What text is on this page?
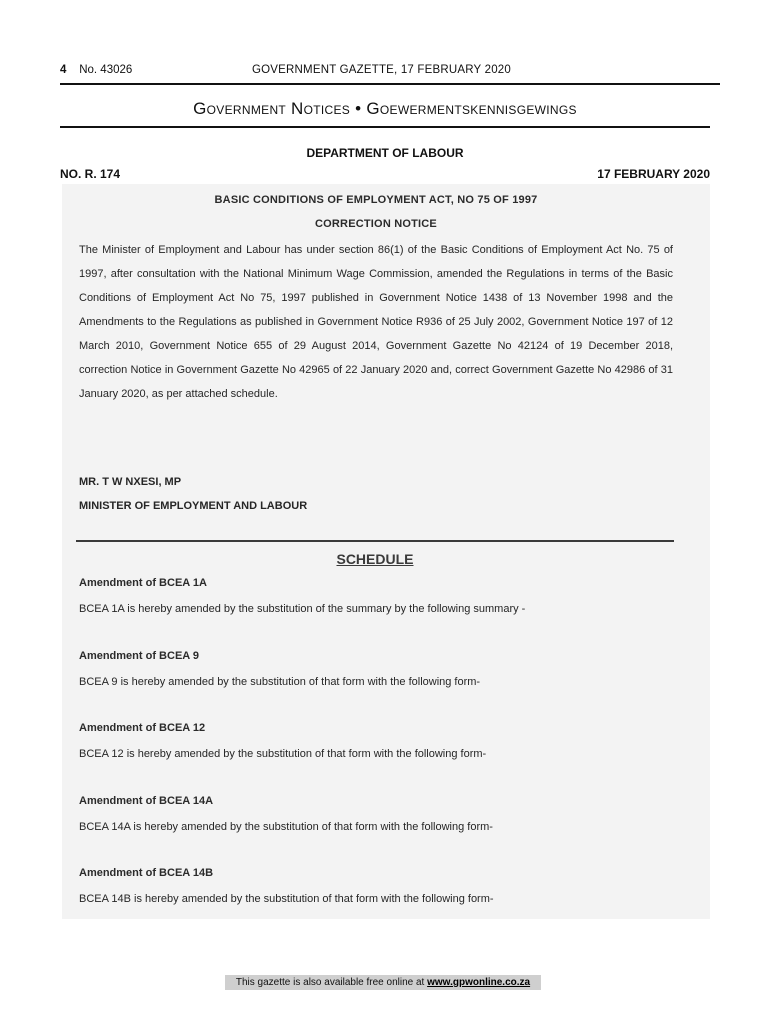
4 No. 43026	GOVERNMENT GAZETTE, 17 FEBRUARY 2020
Government Notices • Goewermentskennisgewings
DEPARTMENT OF LABOUR
NO. R. 174	17 FEBRUARY 2020
BASIC CONDITIONS OF EMPLOYMENT ACT, NO 75 OF 1997
CORRECTION NOTICE
The Minister of Employment and Labour has under section 86(1) of the Basic Conditions of Employment Act No. 75 of 1997, after consultation with the National Minimum Wage Commission, amended the Regulations in terms of the Basic Conditions of Employment Act No 75, 1997 published in Government Notice 1438 of 13 November 1998 and the Amendments to the Regulations as published in Government Notice R936 of 25 July 2002, Government Notice 197 of 12 March 2010, Government Notice 655 of 29 August 2014, Government Gazette No 42124 of 19 December 2018, correction Notice in Government Gazette No 42965 of 22 January 2020 and, correct Government Gazette No 42986 of 31 January 2020, as per attached schedule.
MR. T W NXESI, MP
MINISTER OF EMPLOYMENT AND LABOUR
SCHEDULE
Amendment of BCEA 1A
BCEA 1A is hereby amended by the substitution of the summary by the following summary -
Amendment of BCEA 9
BCEA 9 is hereby amended by the substitution of that form with the following form-
Amendment of BCEA 12
BCEA 12 is hereby amended by the substitution of that form with the following form-
Amendment of BCEA 14A
BCEA 14A is hereby amended by the substitution of that form with the following form-
Amendment of BCEA 14B
BCEA 14B is hereby amended by the substitution of that form with the following form-
This gazette is also available free online at www.gpwonline.co.za
